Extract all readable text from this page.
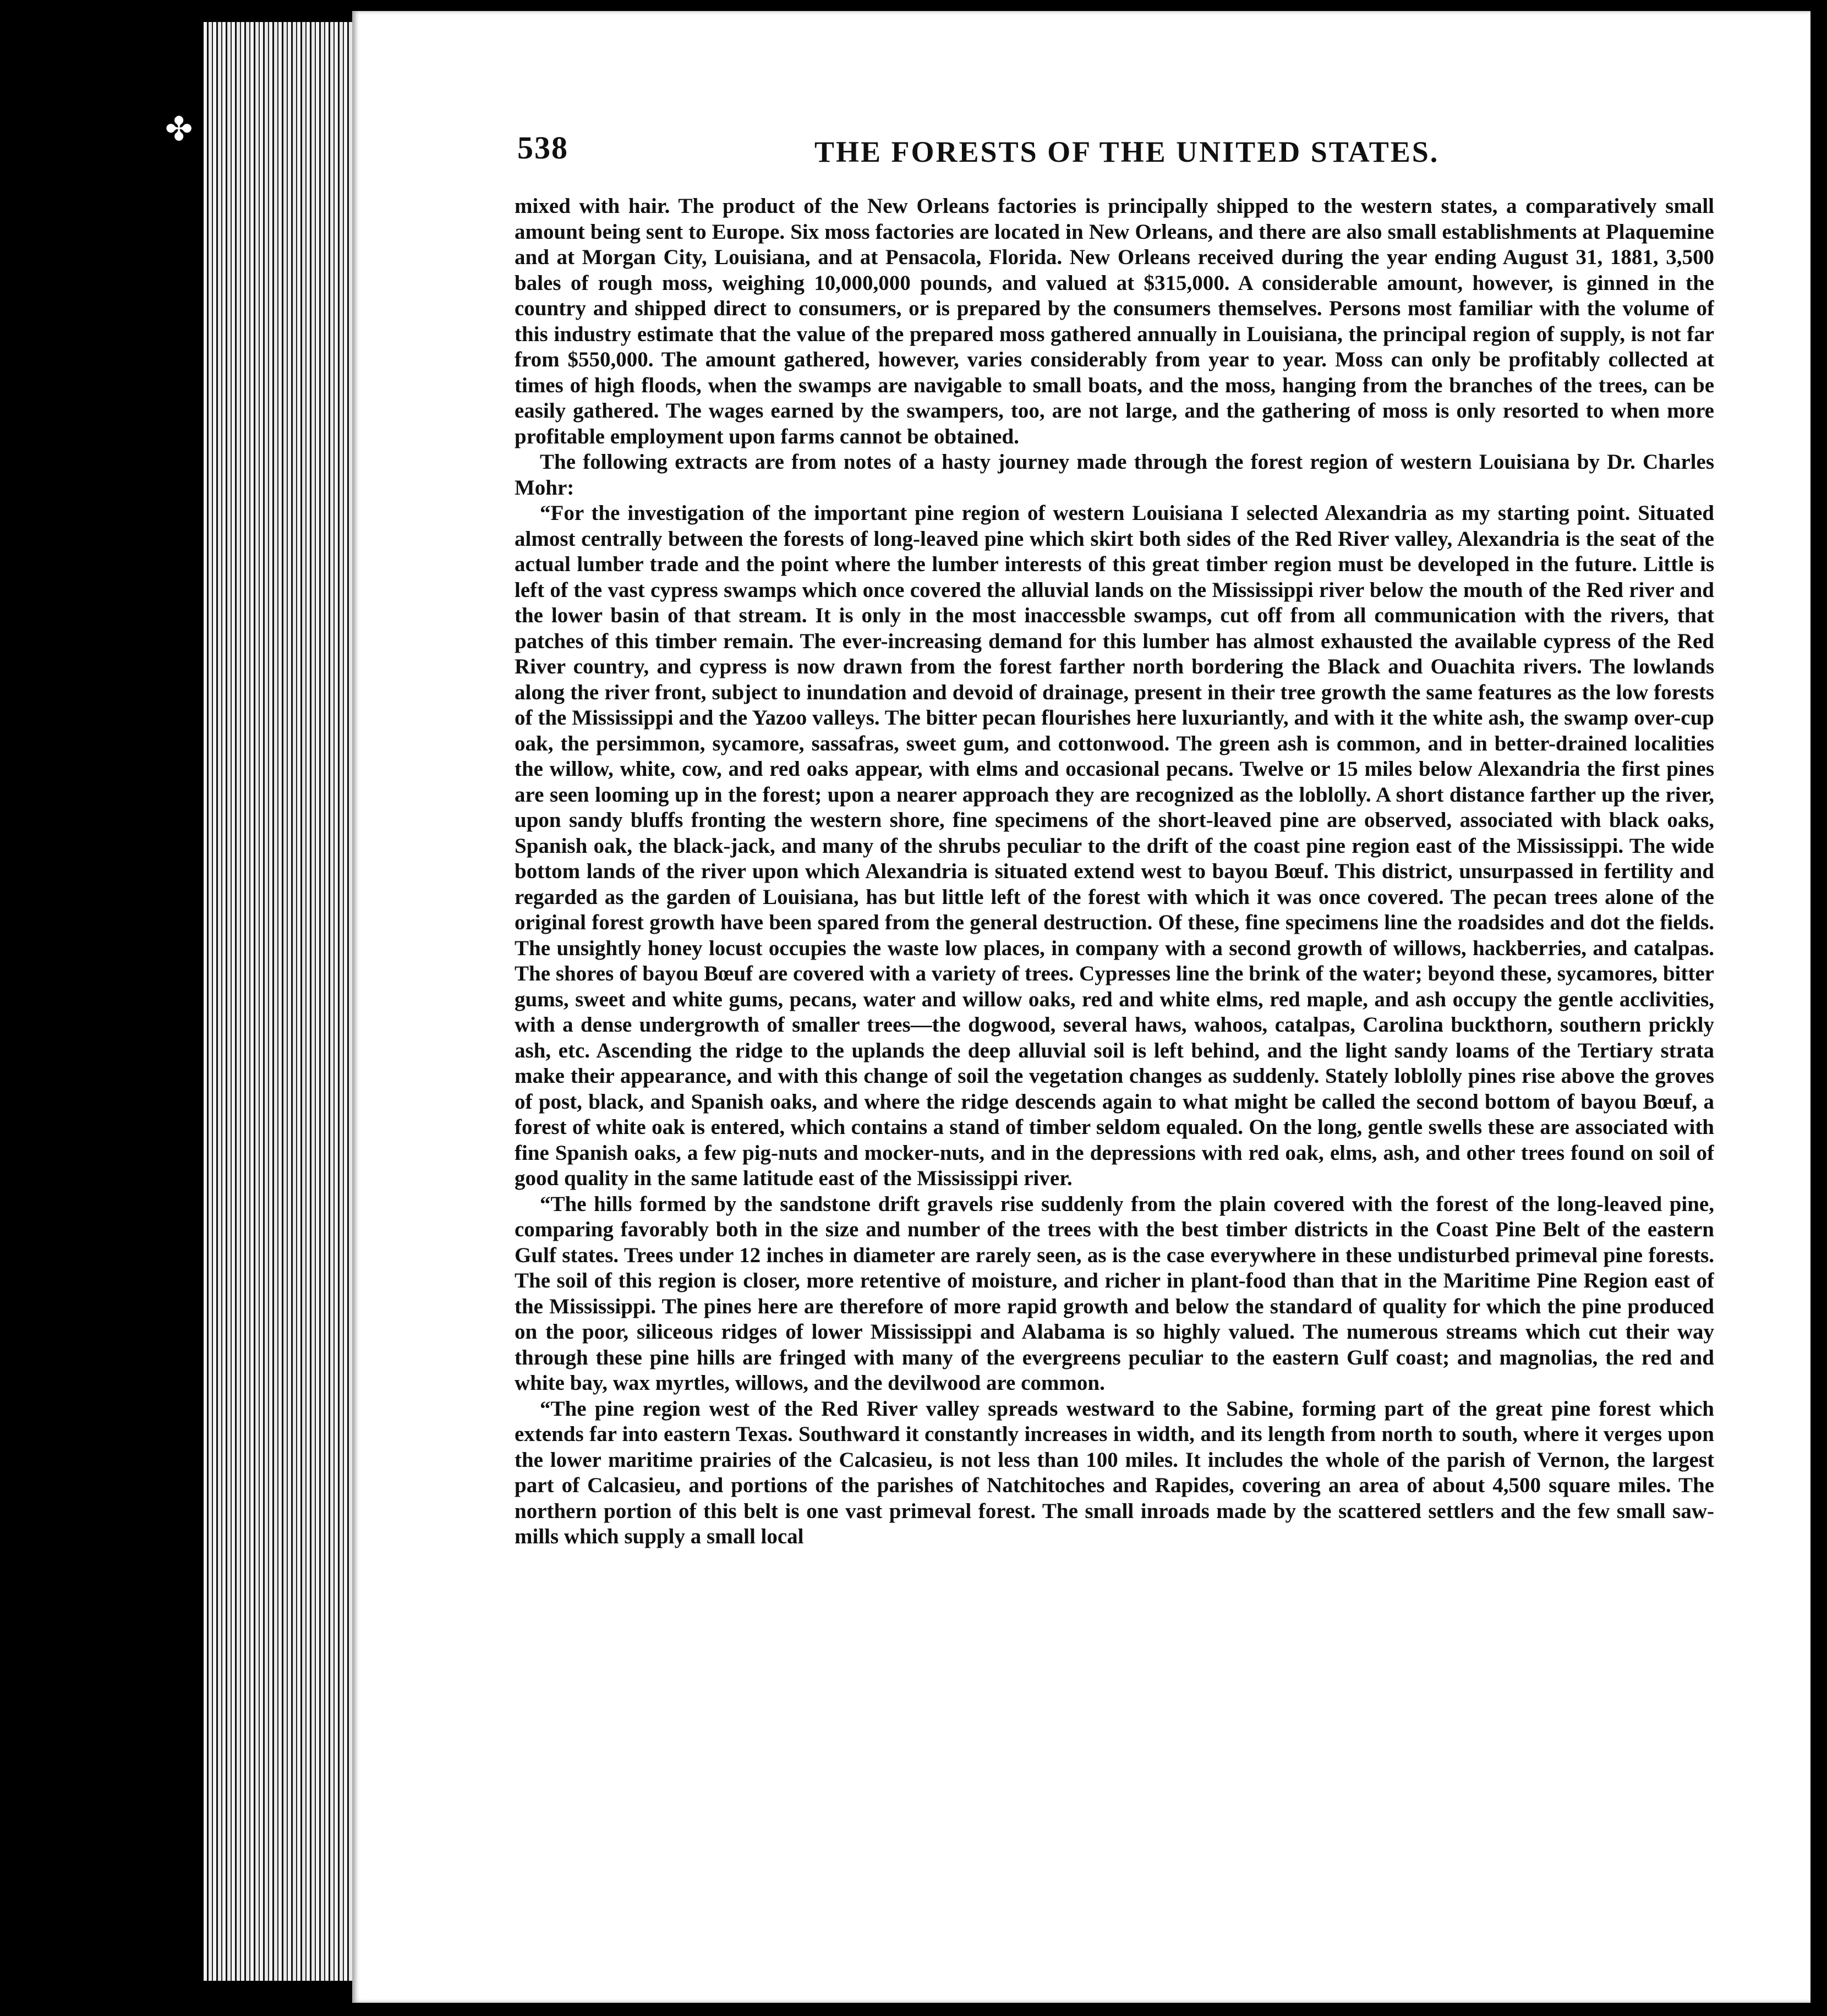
✤	538	THE FORESTS OF THE UNITED STATES.

mixed with hair. The product of the New Orleans factories is principally shipped to the western states, a comparatively small amount being sent to Europe. Six moss factories are located in New Orleans, and there are also small establishments at Plaquemine and at Morgan City, Louisiana, and at Pensacola, Florida. New Orleans received during the year ending August 31, 1881, 3,500 bales of rough moss, weighing 10,000,000 pounds, and valued at $315,000. A considerable amount, however, is ginned in the country and shipped direct to consumers, or is prepared by the consumers themselves. Persons most familiar with the volume of this industry estimate that the value of the prepared moss gathered annually in Louisiana, the principal region of supply, is not far from $550,000. The amount gathered, however, varies considerably from year to year. Moss can only be profitably collected at times of high floods, when the swamps are navigable to small boats, and the moss, hanging from the branches of the trees, can be easily gathered. The wages earned by the swampers, too, are not large, and the gathering of moss is only resorted to when more profitable employment upon farms cannot be obtained.

The following extracts are from notes of a hasty journey made through the forest region of western Louisiana by Dr. Charles Mohr:

“For the investigation of the important pine region of western Louisiana I selected Alexandria as my starting point. Situated almost centrally between the forests of long-leaved pine which skirt both sides of the Red River valley, Alexandria is the seat of the actual lumber trade and the point where the lumber interests of this great timber region must be developed in the future. Little is left of the vast cypress swamps which once covered the alluvial lands on the Mississippi river below the mouth of the Red river and the lower basin of that stream. It is only in the most inaccessble swamps, cut off from all communication with the rivers, that patches of this timber remain. The ever-increasing demand for this lumber has almost exhausted the available cypress of the Red River country, and cypress is now drawn from the forest farther north bordering the Black and Ouachita rivers. The lowlands along the river front, subject to inundation and devoid of drainage, present in their tree growth the same features as the low forests of the Mississippi and the Yazoo valleys. The bitter pecan flourishes here luxuriantly, and with it the white ash, the swamp over-cup oak, the persimmon, sycamore, sassafras, sweet gum, and cottonwood. The green ash is common, and in better-drained localities the willow, white, cow, and red oaks appear, with elms and occasional pecans. Twelve or 15 miles below Alexandria the first pines are seen looming up in the forest; upon a nearer approach they are recognized as the loblolly. A short distance farther up the river, upon sandy bluffs fronting the western shore, fine specimens of the short-leaved pine are observed, associated with black oaks, Spanish oak, the black-jack, and many of the shrubs peculiar to the drift of the coast pine region east of the Mississippi. The wide bottom lands of the river upon which Alexandria is situated extend west to bayou Bœuf. This district, unsurpassed in fertility and regarded as the garden of Louisiana, has but little left of the forest with which it was once covered. The pecan trees alone of the original forest growth have been spared from the general destruction. Of these, fine specimens line the roadsides and dot the fields. The unsightly honey locust occupies the waste low places, in company with a second growth of willows, hackberries, and catalpas. The shores of bayou Bœuf are covered with a variety of trees. Cypresses line the brink of the water; beyond these, sycamores, bitter gums, sweet and white gums, pecans, water and willow oaks, red and white elms, red maple, and ash occupy the gentle acclivities, with a dense undergrowth of smaller trees—the dogwood, several haws, wahoos, catalpas, Carolina buckthorn, southern prickly ash, etc. Ascending the ridge to the uplands the deep alluvial soil is left behind, and the light sandy loams of the Tertiary strata make their appearance, and with this change of soil the vegetation changes as suddenly. Stately loblolly pines rise above the groves of post, black, and Spanish oaks, and where the ridge descends again to what might be called the second bottom of bayou Bœuf, a forest of white oak is entered, which contains a stand of timber seldom equaled. On the long, gentle swells these are associated with fine Spanish oaks, a few pig-nuts and mocker-nuts, and in the depressions with red oak, elms, ash, and other trees found on soil of good quality in the same latitude east of the Mississippi river.

“The hills formed by the sandstone drift gravels rise suddenly from the plain covered with the forest of the long-leaved pine, comparing favorably both in the size and number of the trees with the best timber districts in the Coast Pine Belt of the eastern Gulf states. Trees under 12 inches in diameter are rarely seen, as is the case everywhere in these undisturbed primeval pine forests. The soil of this region is closer, more retentive of moisture, and richer in plant-food than that in the Maritime Pine Region east of the Mississippi. The pines here are therefore of more rapid growth and below the standard of quality for which the pine produced on the poor, siliceous ridges of lower Mississippi and Alabama is so highly valued. The numerous streams which cut their way through these pine hills are fringed with many of the evergreens peculiar to the eastern Gulf coast; and magnolias, the red and white bay, wax myrtles, willows, and the devilwood are common.

“The pine region west of the Red River valley spreads westward to the Sabine, forming part of the great pine forest which extends far into eastern Texas. Southward it constantly increases in width, and its length from north to south, where it verges upon the lower maritime prairies of the Calcasieu, is not less than 100 miles. It includes the whole of the parish of Vernon, the largest part of Calcasieu, and portions of the parishes of Natchitoches and Rapides, covering an area of about 4,500 square miles. The northern portion of this belt is one vast primeval forest. The small inroads made by the scattered settlers and the few small saw-mills which supply a small local
